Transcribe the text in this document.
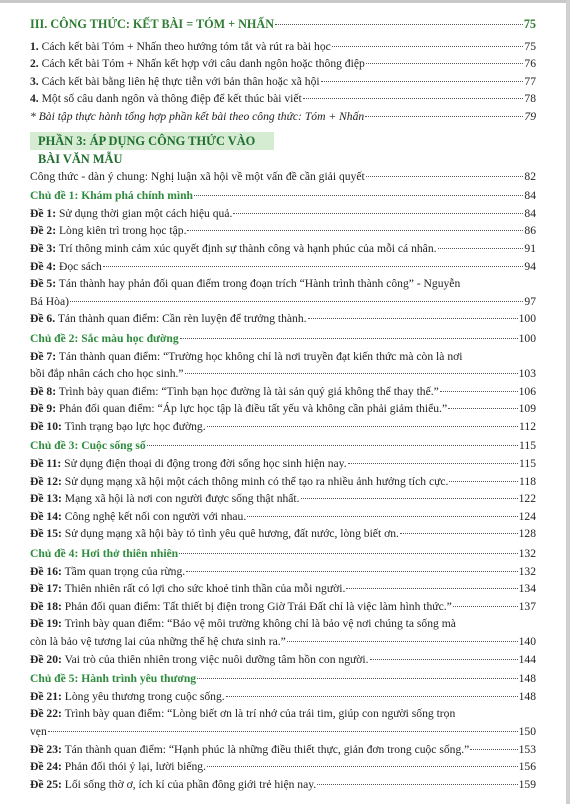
III. CÔNG THỨC: KẾT BÀI = TÓM + NHẤN	75
1. Cách kết bài Tóm + Nhấn theo hướng tóm tắt và rút ra bài học	75
2. Cách kết bài Tóm + Nhấn kết hợp với câu danh ngôn hoặc thông điệp	76
3. Cách kết bài bằng liên hệ thực tiễn với bản thân hoặc xã hội	77
4. Một số câu danh ngôn và thông điệp để kết thúc bài viết	78
* Bài tập thực hành tổng hợp phần kết bài theo công thức: Tóm + Nhấn	79
PHẦN 3: ÁP DỤNG CÔNG THỨC VÀO BÀI VĂN MẪU
Công thức - dàn ý chung: Nghị luận xã hội về một vấn đề cần giải quyết	82
Chủ đề 1: Khám phá chính mình	84
Đề 1: Sử dụng thời gian một cách hiệu quả.	84
Đề 2: Lòng kiên trì trong học tập.	86
Đề 3: Trí thông minh cảm xúc quyết định sự thành công và hạnh phúc của mỗi cá nhân.	91
Đề 4: Đọc sách	94
Đề 5: Tán thành hay phản đối quan điểm trong đoạn trích “Hành trình thành công” - Nguyễn
Bá Hòa)	97
Đề 6. Tán thành quan điểm: Cần rèn luyện để trưởng thành.	100
Chủ đề 2: Sắc màu học đường	100
Đề 7: Tán thành quan điểm: “Trường học không chỉ là nơi truyền đạt kiến thức mà còn là nơi
bồi đắp nhân cách cho học sinh.”	103
Đề 8: Trình bày quan điểm: “Tình bạn học đường là tài sản quý giá không thể thay thế.”	106
Đề 9: Phản đối quan điểm: “Áp lực học tập là điều tất yếu và không cần phải giảm thiểu.”	109
Đề 10: Tình trạng bạo lực học đường.	112
Chủ đề 3: Cuộc sống số	115
Đề 11: Sử dụng điện thoại di động trong đời sống học sinh hiện nay.	115
Đề 12: Sử dụng mạng xã hội một cách thông minh có thể tạo ra nhiều ảnh hưởng tích cực.	118
Đề 13: Mạng xã hội là nơi con người được sống thật nhất.	122
Đề 14: Công nghệ kết nối con người với nhau.	124
Đề 15: Sử dụng mạng xã hội bày tỏ tình yêu quê hương, đất nước, lòng biết ơn.	128
Chủ đề 4: Hơi thở thiên nhiên	132
Đề 16: Tầm quan trọng của rừng.	132
Đề 17: Thiên nhiên rất có lợi cho sức khoẻ tinh thần của mỗi người.	134
Đề 18: Phản đối quan điểm: Tất thiết bị điện trong Giờ Trái Đất chỉ là việc làm hình thức.”	137
Đề 19: Trình bày quan điểm: “Bảo vệ môi trường không chỉ là bảo vệ nơi chúng ta sống mà
còn là bảo vệ tương lai của những thế hệ chưa sinh ra.”	140
Đề 20: Vai trò của thiên nhiên trong việc nuôi dưỡng tâm hồn con người.	144
Chủ đề 5: Hành trình yêu thương	148
Đề 21: Lòng yêu thương trong cuộc sống.	148
Đề 22: Trình bày quan điểm: “Lòng biết ơn là trí nhớ của trái tim, giúp con người sống trọn
vẹn	150
Đề 23: Tán thành quan điểm: “Hạnh phúc là những điều thiết thực, giản đơn trong cuộc sống.”	153
Đề 24: Phản đối thói ỷ lại, lười biếng.	156
Đề 25: Lối sống thờ ơ, ích kỉ của phần đông giới trẻ hiện nay.	159
